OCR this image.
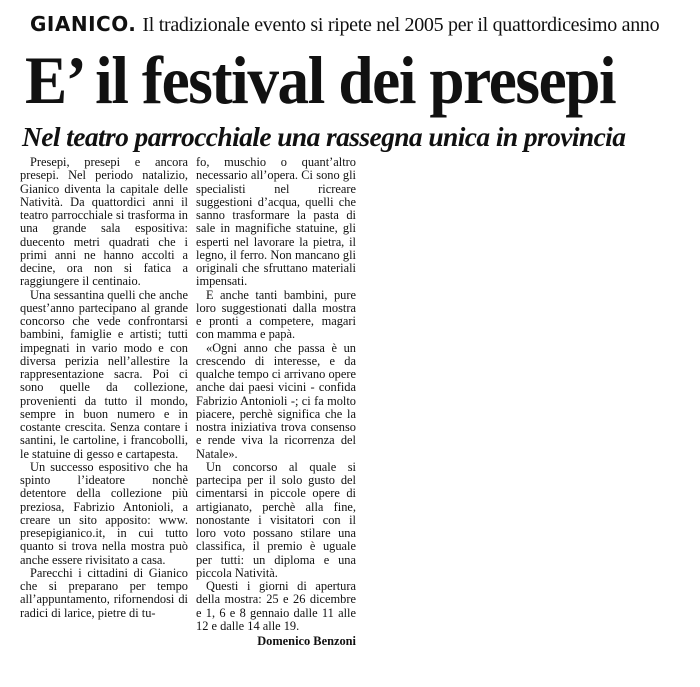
GIANICO. Il tradizionale evento si ripete nel 2005 per il quattordicesimo anno
E’ il festival dei presepi
Nel teatro parrocchiale una rassegna unica in provincia

Presepi, presepi e ancora presepi. Nel periodo natalizio, Gianico diventa la capitale delle Natività. Da quattordici anni il teatro parrocchiale si trasforma in una grande sala espositiva: duecento metri quadrati che i primi anni ne hanno accolti a decine, ora non si fatica a raggiungere il centinaio.

Una sessantina quelli che anche quest’anno partecipano al grande concorso che vede confrontarsi bambini, famiglie e artisti; tutti impegnati in vario modo e con diversa perizia nell’allestire la rappresentazione sacra. Poi ci sono quelle da collezione, provenienti da tutto il mondo, sempre in buon numero e in costante crescita. Senza contare i santini, le cartoline, i francobolli, le statuine di gesso e cartapesta.

Un successo espositivo che ha spinto l’ideatore nonchè detentore della collezione più preziosa, Fabrizio Antonioli, a creare un sito apposito: www. presepigianico.it, in cui tutto quanto si trova nella mostra può anche essere rivisitato a casa.

Parecchi i cittadini di Gianico che si preparano per tempo all’appuntamento, rifornendosi di radici di larice, pietre di tu-

fo, muschio o quant’altro necessario all’opera. Ci sono gli specialisti nel ricreare suggestioni d’acqua, quelli che sanno trasformare la pasta di sale in magnifiche statuine, gli esperti nel lavorare la pietra, il legno, il ferro. Non mancano gli originali che sfruttano materiali impensati.

E anche tanti bambini, pure loro suggestionati dalla mostra e pronti a competere, magari con mamma e papà.

«Ogni anno che passa è un crescendo di interesse, e da qualche tempo ci arrivano opere anche dai paesi vicini - confida Fabrizio Antonioli -; ci fa molto piacere, perchè significa che la nostra iniziativa trova consenso e rende viva la ricorrenza del Natale».

Un concorso al quale si partecipa per il solo gusto del cimentarsi in piccole opere di artigianato, perchè alla fine, nonostante i visitatori con il loro voto possano stilare una classifica, il premio è uguale per tutti: un diploma e una piccola Natività.

Questi i giorni di apertura della mostra: 25 e 26 dicembre e 1, 6 e 8 gennaio dalle 11 alle 12 e dalle 14 alle 19.

Domenico Benzoni
